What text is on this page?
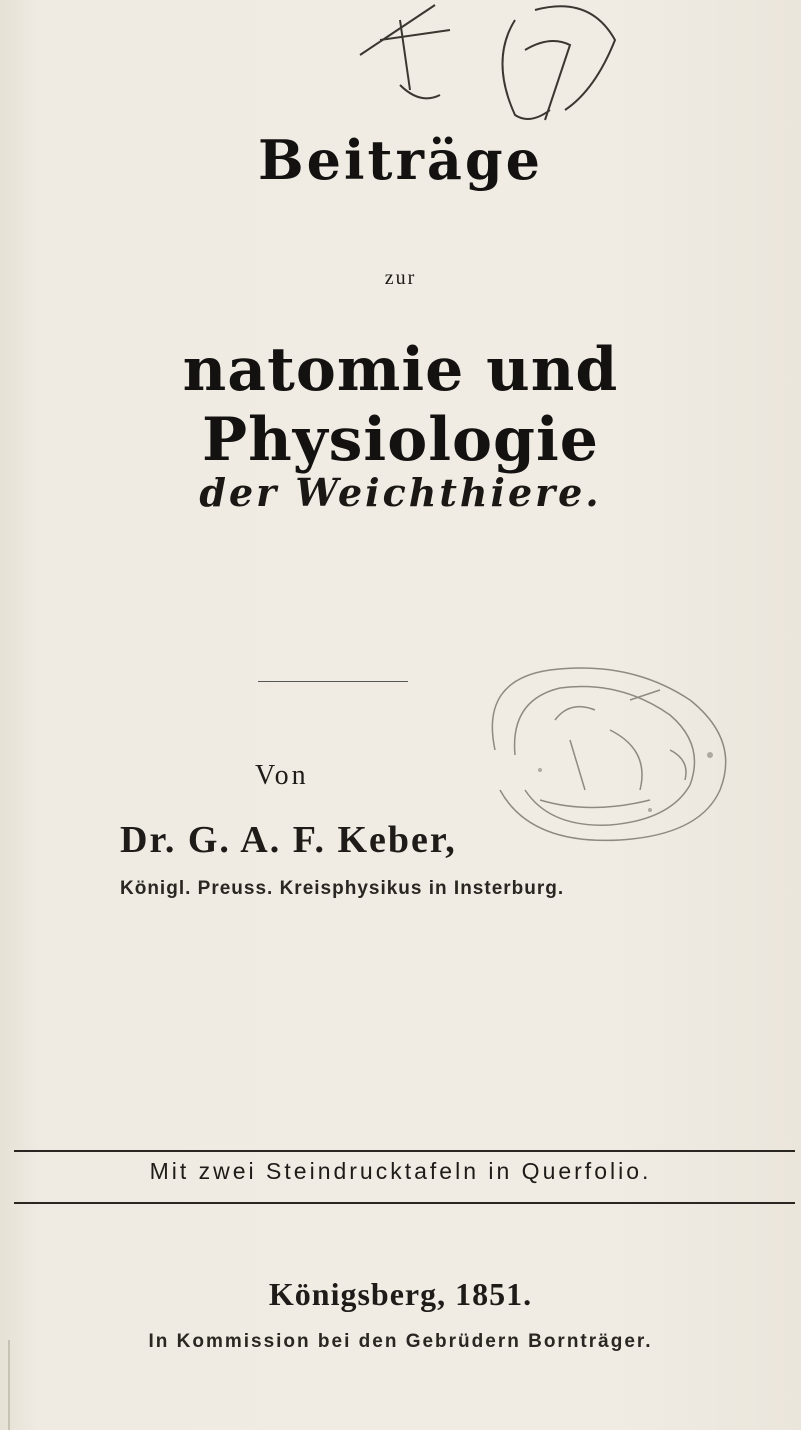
Beiträge
zur
natomie und Physiologie
der Weichthiere.
Von
Dr. G. A. F. Keber,
Königl. Preuss. Kreisphysikus in Insterburg.
Mit zwei Steindrucktafeln in Querfolio.
Königsberg, 1851.
In Kommission bei den Gebrüdern Bornträger.
